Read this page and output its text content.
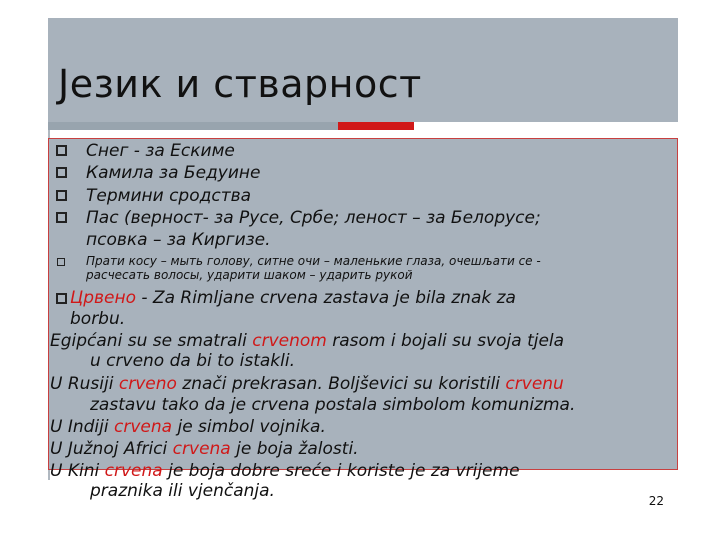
Језик и стварност
Снег - за Ескиме
Камила за Бедуине
Термини сродства
Пас (верност- за Русе, Србе; леност – за Белорусе;
псовка – за Киргизе.
Прати косу – мыть голову, ситне очи – маленькие глаза, очешљати се -
расчесать волосы, ударити шаком – ударить рукой
Црвено - Za Rimljane crvena zastava je bila znak za
borbu.
Egipćani su se smatrali crvenom rasom i bojali su svoja tjela
u crveno da bi to istakli.
U Rusiji crveno znači prekrasan. Boljševici su koristili crvenu
zastavu tako da je crvena postala simbolom komunizma.
U Indiji crvena je simbol vojnika.
U Južnoj Africi crvena je boja žalosti.
U Kini crvena je boja dobre sreće i koriste je za vrijeme
praznika ili vjenčanja.	22
